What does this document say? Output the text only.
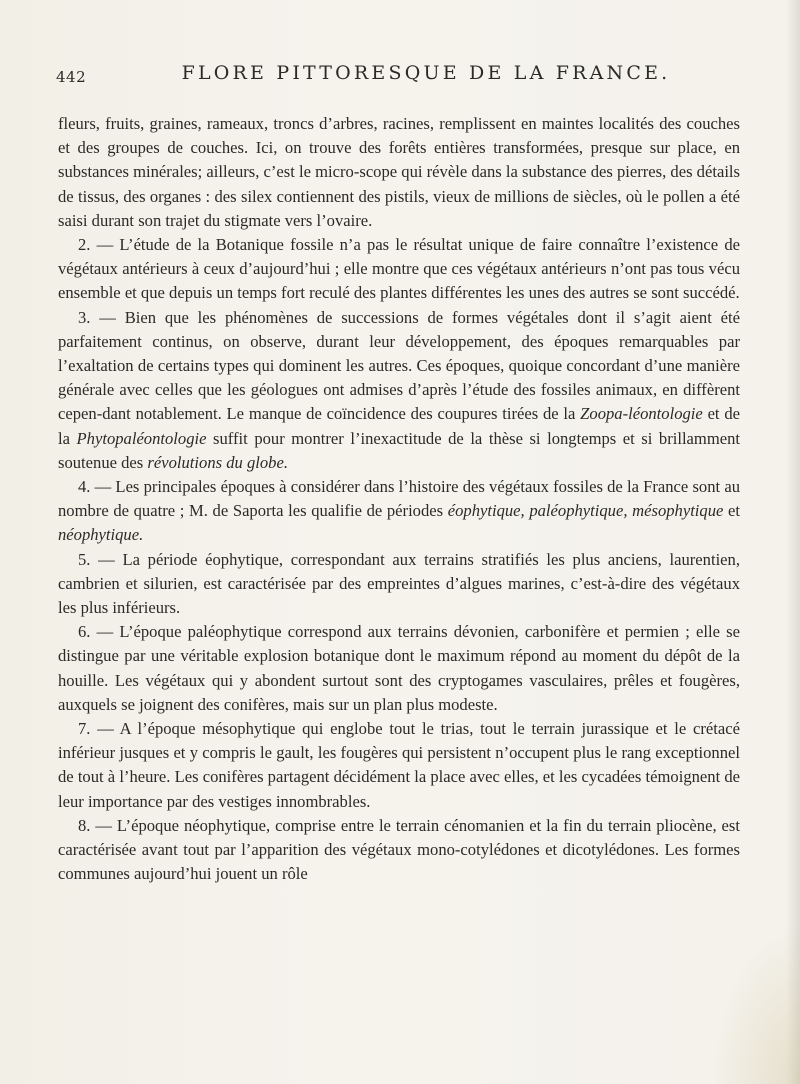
442	FLORE PITTORESQUE DE LA FRANCE.

fleurs, fruits, graines, rameaux, troncs d’arbres, racines, remplissent en maintes localités des couches et des groupes de couches. Ici, on trouve des forêts entières transformées, presque sur place, en substances minérales; ailleurs, c’est le micro-scope qui révèle dans la substance des pierres, des détails de tissus, des organes : des silex contiennent des pistils, vieux de millions de siècles, où le pollen a été saisi durant son trajet du stigmate vers l’ovaire.

2. — L’étude de la Botanique fossile n’a pas le résultat unique de faire connaître l’existence de végétaux antérieurs à ceux d’aujourd’hui ; elle montre que ces végétaux antérieurs n’ont pas tous vécu ensemble et que depuis un temps fort reculé des plantes différentes les unes des autres se sont succédé.

3. — Bien que les phénomènes de successions de formes végétales dont il s’agit aient été parfaitement continus, on observe, durant leur développement, des époques remarquables par l’exaltation de certains types qui dominent les autres. Ces époques, quoique concordant d’une manière générale avec celles que les géologues ont admises d’après l’étude des fossiles animaux, en diffèrent cepen-dant notablement. Le manque de coïncidence des coupures tirées de la Zoopa-léontologie et de la Phytopaléontologie suffit pour montrer l’inexactitude de la thèse si longtemps et si brillamment soutenue des révolutions du globe.

4. — Les principales époques à considérer dans l’histoire des végétaux fossiles de la France sont au nombre de quatre ; M. de Saporta les qualifie de périodes éophytique, paléophytique, mésophytique et néophytique.

5. — La période éophytique, correspondant aux terrains stratifiés les plus anciens, laurentien, cambrien et silurien, est caractérisée par des empreintes d’algues marines, c’est-à-dire des végétaux les plus inférieurs.

6. — L’époque paléophytique correspond aux terrains dévonien, carbonifère et permien ; elle se distingue par une véritable explosion botanique dont le maximum répond au moment du dépôt de la houille. Les végétaux qui y abondent surtout sont des cryptogames vasculaires, prêles et fougères, auxquels se joignent des conifères, mais sur un plan plus modeste.

7. — A l’époque mésophytique qui englobe tout le trias, tout le terrain jurassique et le crétacé inférieur jusques et y compris le gault, les fougères qui persistent n’occupent plus le rang exceptionnel de tout à l’heure. Les conifères partagent décidément la place avec elles, et les cycadées témoignent de leur importance par des vestiges innombrables.

8. — L’époque néophytique, comprise entre le terrain cénomanien et la fin du terrain pliocène, est caractérisée avant tout par l’apparition des végétaux mono-cotylédones et dicotylédones. Les formes communes aujourd’hui jouent un rôle
